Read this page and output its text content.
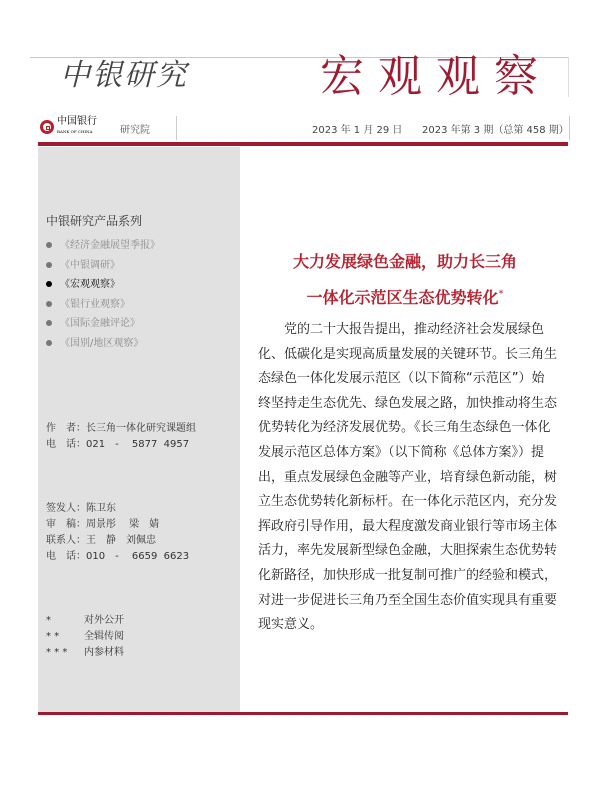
中银研究	宏观观察
中国银行
BANK OF CHINA	研究院	2023 年 1 月 29 日 2023 年第 3 期（总第 458 期）
中银研究产品系列
《经济金融展望季报》
《中银调研》
《宏观观察》
《银行业观察》
《国际金融评论》
《国别/地区观察》
作　者：长三角一体化研究课题组
电　话：021　-　 5877  4957
签发人：陈卫东
审　稿：周景彤　 梁　婧
联系人：王　静　刘佩忠
电　话：010　-　 6659  6623
*	对外公开
* * 全辑传阅
* * * 内参材料
大力发展绿色金融，助力长三角
一体化示范区生态优势转化*
　　党的二十大报告提出，推动经济社会发展绿色
化、低碳化是实现高质量发展的关键环节。长三角生
态绿色一体化发展示范区（以下简称“示范区”）始
终坚持走生态优先、绿色发展之路，加快推动将生态
优势转化为经济发展优势。《长三角生态绿色一体化
发展示范区总体方案》（以下简称《总体方案》）提
出，重点发展绿色金融等产业，培育绿色新动能，树
立生态优势转化新标杆。在一体化示范区内，充分发
挥政府引导作用，最大程度激发商业银行等市场主体
活力，率先发展新型绿色金融，大胆探索生态优势转
化新路径，加快形成一批复制可推广的经验和模式，
对进一步促进长三角乃至全国生态价值实现具有重要
现实意义。
